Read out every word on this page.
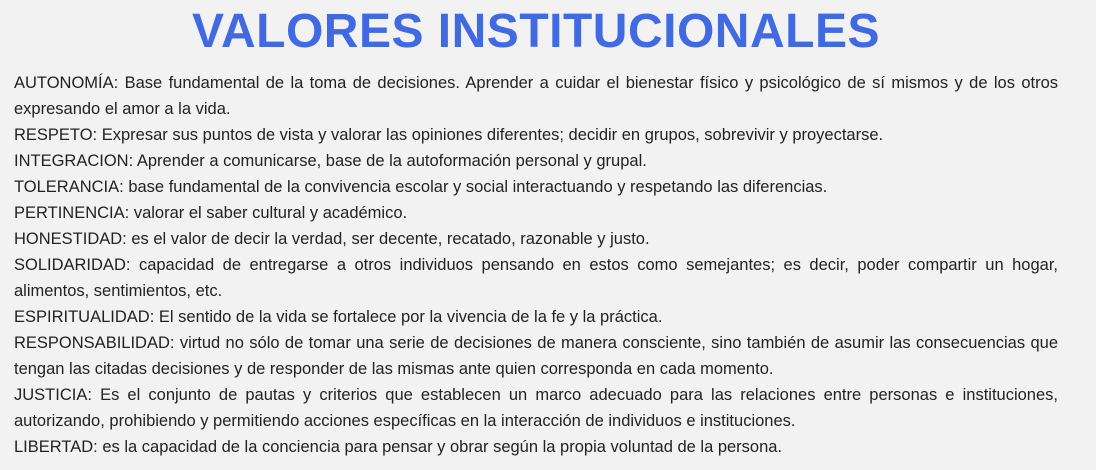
VALORES INSTITUCIONALES

AUTONOMÍA: Base fundamental de la toma de decisiones. Aprender a cuidar el bienestar físico y psicológico de sí mismos y de los otros expresando el amor a la vida.

RESPETO: Expresar sus puntos de vista y valorar las opiniones diferentes; decidir en grupos, sobrevivir y proyectarse.

INTEGRACION: Aprender a comunicarse, base de la autoformación personal y grupal.

TOLERANCIA: base fundamental de la convivencia escolar y social interactuando y respetando las diferencias.

PERTINENCIA: valorar el saber cultural y académico.

HONESTIDAD: es el valor de decir la verdad, ser decente, recatado, razonable y justo.

SOLIDARIDAD: capacidad de entregarse a otros individuos pensando en estos como semejantes; es decir, poder compartir un hogar, alimentos, sentimientos, etc.

ESPIRITUALIDAD: El sentido de la vida se fortalece por la vivencia de la fe y la práctica.

RESPONSABILIDAD: virtud no sólo de tomar una serie de decisiones de manera consciente, sino también de asumir las consecuencias que tengan las citadas decisiones y de responder de las mismas ante quien corresponda en cada momento.

JUSTICIA: Es el conjunto de pautas y criterios que establecen un marco adecuado para las relaciones entre personas e instituciones, autorizando, prohibiendo y permitiendo acciones específicas en la interacción de individuos e instituciones.

LIBERTAD: es la capacidad de la conciencia para pensar y obrar según la propia voluntad de la persona.
